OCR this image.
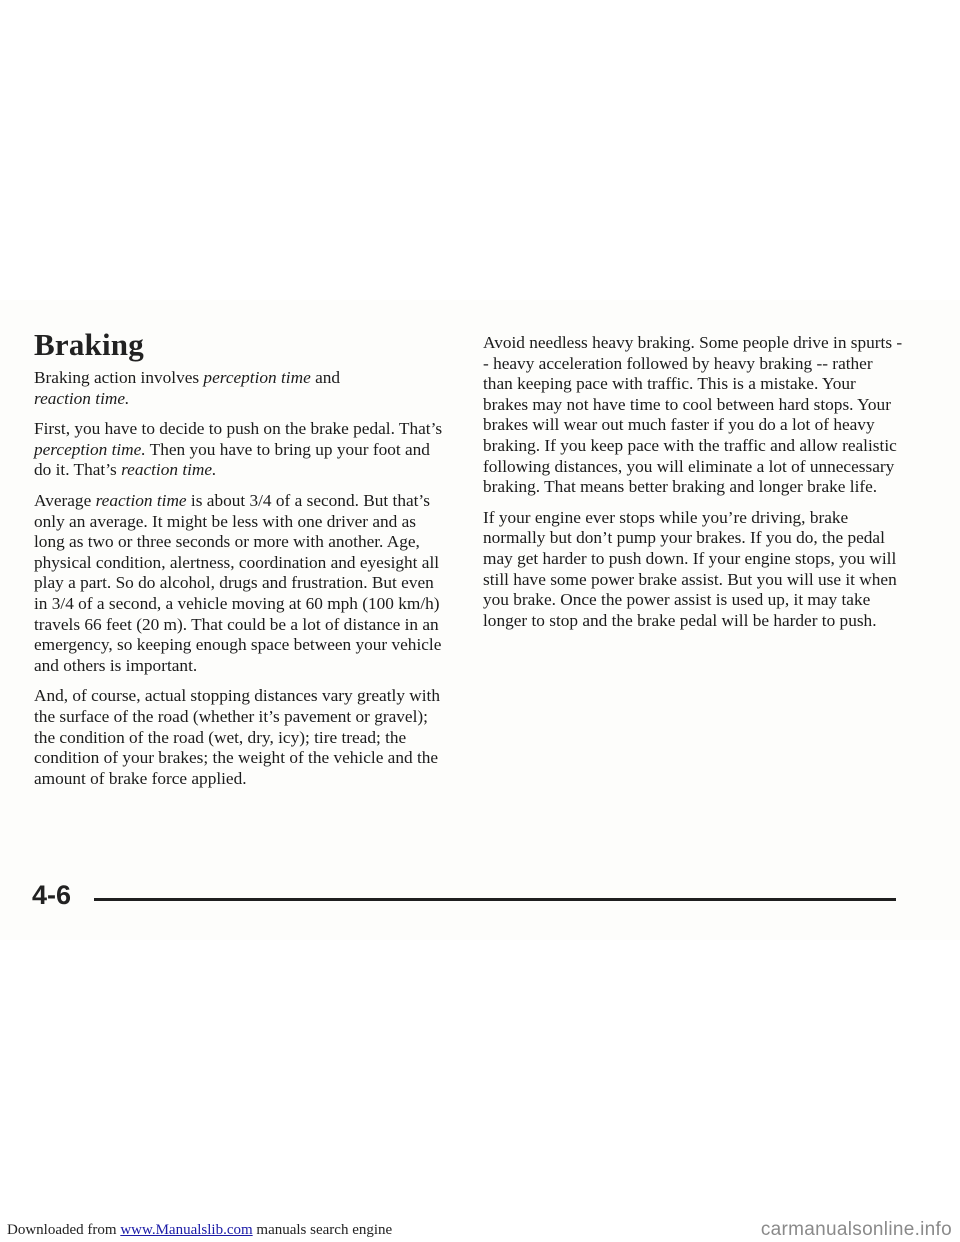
Braking

Braking action involves perception time and
reaction time.

First, you have to decide to push on the brake pedal. That’s perception time. Then you have to bring up your foot and do it. That’s reaction time.

Average reaction time is about 3/4 of a second. But that’s only an average. It might be less with one driver and as long as two or three seconds or more with another. Age, physical condition, alertness, coordination and eyesight all play a part. So do alcohol, drugs and frustration. But even in 3/4 of a second, a vehicle moving at 60 mph (100 km/h) travels 66 feet (20 m). That could be a lot of distance in an emergency, so keeping enough space between your vehicle and others is important.

And, of course, actual stopping distances vary greatly with the surface of the road (whether it’s pavement or gravel); the condition of the road (wet, dry, icy); tire tread; the condition of your brakes; the weight of the vehicle and the amount of brake force applied.

Avoid needless heavy braking. Some people drive in spurts -- heavy acceleration followed by heavy braking -- rather than keeping pace with traffic. This is a mistake. Your brakes may not have time to cool between hard stops. Your brakes will wear out much faster if you do a lot of heavy braking. If you keep pace with the traffic and allow realistic following distances, you will eliminate a lot of unnecessary braking. That means better braking and longer brake life.

If your engine ever stops while you’re driving, brake normally but don’t pump your brakes. If you do, the pedal may get harder to push down. If your engine stops, you will still have some power brake assist. But you will use it when you brake. Once the power assist is used up, it may take longer to stop and the brake pedal will be harder to push.

4-6
Downloaded from www.Manualslib.com manuals search engine	carmanualsonline.info
